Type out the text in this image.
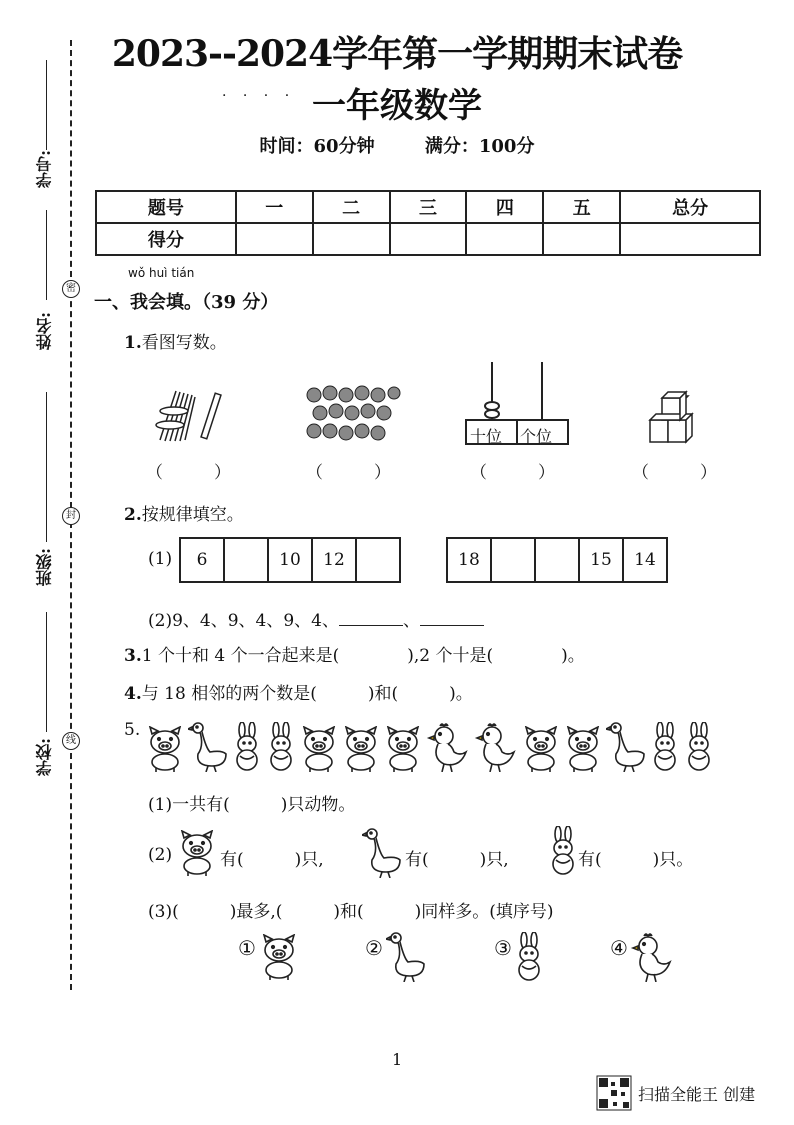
2023--2024学年第一学期期末试卷
· · · · 一年级数学
时间：60分钟	满分：100分
学号:
姓名:
班级:
学校:
密
封
线
题号	一	二	三	四	五	总分
得分						
wǒ huì tián
一、我会填。（39 分）
1.看图写数。
十位 个位
（　　　）	（　　　）	（　　　）	（　　　）
2.按规律填空。
(1) 6		10	12		18			15	14
(2)9、4、9、4、9、4、	、
3.1 个十和 4 个一合起来是(　　　　),2 个十是(　　　　)。
4.与 18 相邻的两个数是(　　　)和(　　　)。
5.
(1)一共有(　　　)只动物。
(2)	有(　　　)只,	有(　　　)只,	有(　　　)只。
(3)(　　　)最多,(　　　)和(　　　)同样多。(填序号)
①	②	③	④
1
扫描全能王 创建
